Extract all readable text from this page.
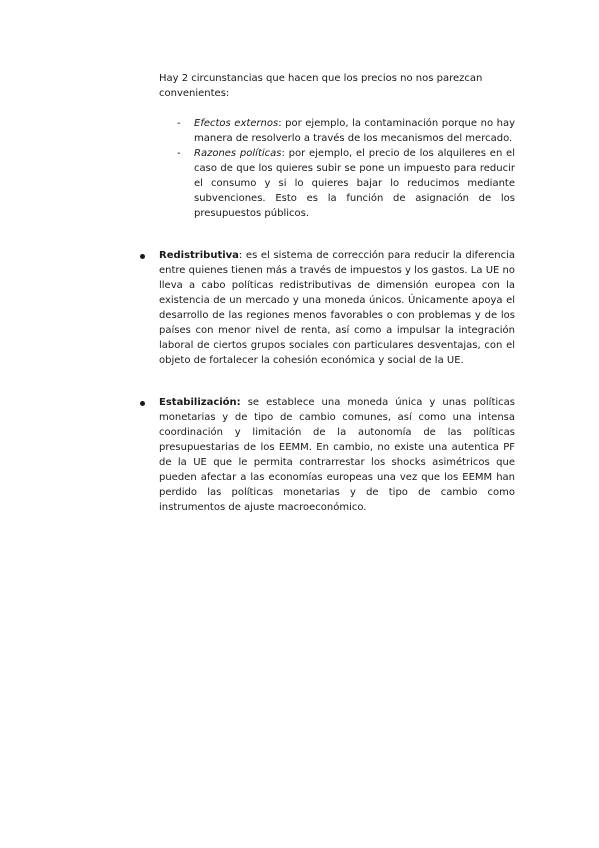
Hay 2 circunstancias que hacen que los precios no nos parezcan convenientes:

- Efectos externos: por ejemplo, la contaminación porque no hay manera de resolverlo a través de los mecanismos del mercado.
- Razones políticas: por ejemplo, el precio de los alquileres en el caso de que los quieres subir se pone un impuesto para reducir el consumo y si lo quieres bajar lo reducimos mediante subvenciones. Esto es la función de asignación de los presupuestos públicos.
Redistributiva: es el sistema de corrección para reducir la diferencia entre quienes tienen más a través de impuestos y los gastos. La UE no lleva a cabo políticas redistributivas de dimensión europea con la existencia de un mercado y una moneda únicos. Únicamente apoya el desarrollo de las regiones menos favorables o con problemas y de los países con menor nivel de renta, así como a impulsar la integración laboral de ciertos grupos sociales con particulares desventajas, con el objeto de fortalecer la cohesión económica y social de la UE.
Estabilización: se establece una moneda única y unas políticas monetarias y de tipo de cambio comunes, así como una intensa coordinación y limitación de la autonomía de las políticas presupuestarias de los EEMM. En cambio, no existe una autentica PF de la UE que le permita contrarrestar los shocks asimétricos que pueden afectar a las economías europeas una vez que los EEMM han perdido las políticas monetarias y de tipo de cambio como instrumentos de ajuste macroeconómico.
